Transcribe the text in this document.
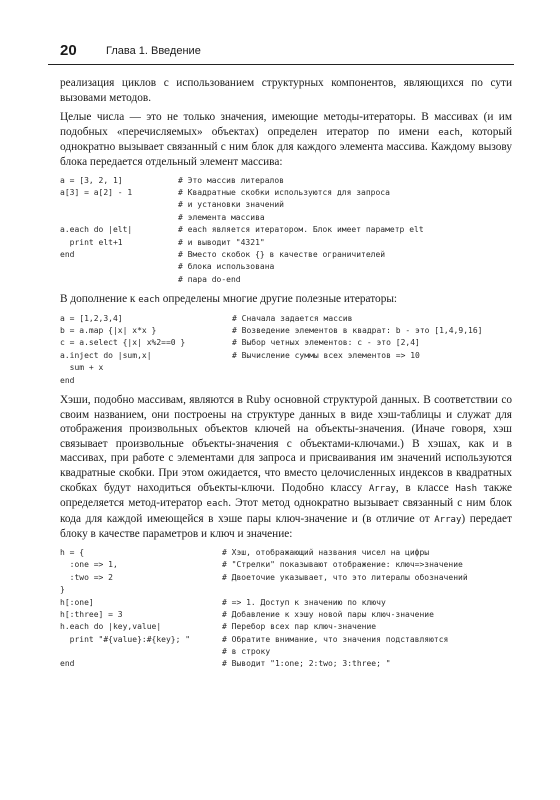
20	Глава 1. Введение

реализация циклов с использованием структурных компонентов, являющихся по сути вызовами методов.

Целые числа — это не только значения, имеющие методы-итераторы. В массивах (и им подобных «перечисляемых» объектах) определен итератор по имени each, который однократно вызывает связанный с ним блок для каждого элемента массива. Каждому вызову блока передается отдельный элемент массива:

a = [3, 2, 1]	# Это массив литералов
a[3] = a[2] - 1	# Квадратные скобки используются для запроса
# и установки значений
# элемента массива
a.each do |elt|	# each является итератором. Блок имеет параметр elt
print elt+1	# и выводит "4321"
end	# Вместо скобок {} в качестве ограничителей
# блока использована
# пара do-end

В дополнение к each определены многие другие полезные итераторы:

a = [1,2,3,4]	# Сначала задается массив
b = a.map {|x| x*x }	# Возведение элементов в квадрат: b - это [1,4,9,16]
c = a.select {|x| x%2==0 }	# Выбор четных элементов: c - это [2,4]
a.inject do |sum,x|	# Вычисление суммы всех элементов => 10
sum + x
end

Хэши, подобно массивам, являются в Ruby основной структурой данных. В соответствии со своим названием, они построены на структуре данных в виде хэш-таблицы и служат для отображения произвольных объектов ключей на объекты-значения. (Иначе говоря, хэш связывает произвольные объекты-значения с объектами-ключами.) В хэшах, как и в массивах, при работе с элементами для запроса и присваивания им значений используются квадратные скобки. При этом ожидается, что вместо целочисленных индексов в квадратных скобках будут находиться объекты-ключи. Подобно классу Array, в классе Hash также определяется метод-итератор each. Этот метод однократно вызывает связанный с ним блок кода для каждой имеющейся в хэше пары ключ-значение и (в отличие от Array) передает блоку в качестве параметров и ключ и значение:

h = {	# Хэш, отображающий названия чисел на цифры
:one => 1,	# "Стрелки" показывают отображение: ключ=>значение
:two => 2	# Двоеточие указывает, что это литералы обозначений
}
h[:one]	# => 1. Доступ к значению по ключу
h[:three] = 3	# Добавление к хэшу новой пары ключ-значение
h.each do |key,value|	# Перебор всех пар ключ-значение
print "#{value}:#{key}; "	# Обратите внимание, что значения подставляются
# в строку
end	# Выводит "1:one; 2:two; 3:three; "
